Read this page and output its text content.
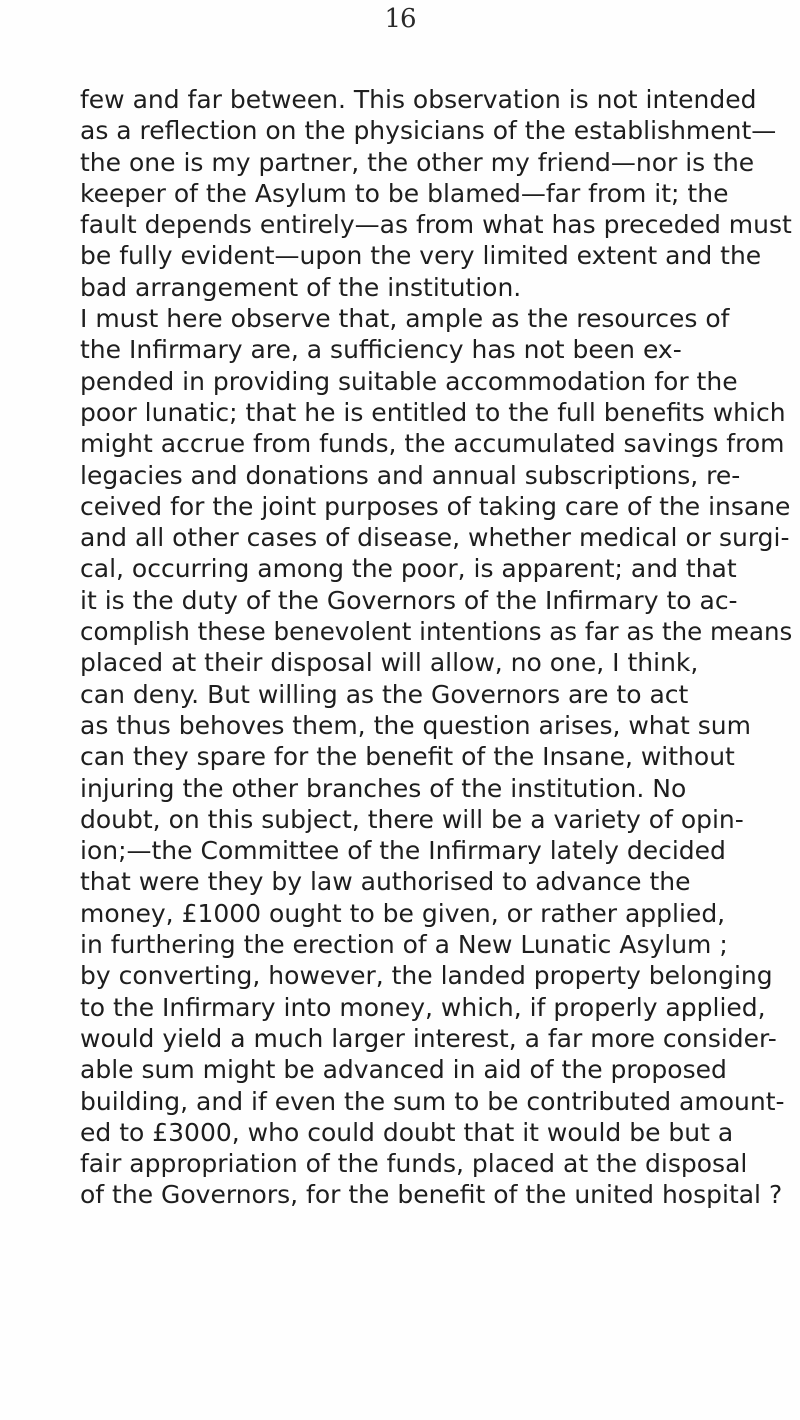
16
few and far between. This observation is not intended
as a reflection on the physicians of the establishment—
the one is my partner, the other my friend—nor is the
keeper of the Asylum to be blamed—far from it; the
fault depends entirely—as from what has preceded must
be fully evident—upon the very limited extent and the
bad arrangement of the institution.
I must here observe that, ample as the resources of
the Infirmary are, a sufficiency has not been ex-
pended in providing suitable accommodation for the
poor lunatic; that he is entitled to the full benefits which
might accrue from funds, the accumulated savings from
legacies and donations and annual subscriptions, re-
ceived for the joint purposes of taking care of the insane
and all other cases of disease, whether medical or surgi-
cal, occurring among the poor, is apparent; and that
it is the duty of the Governors of the Infirmary to ac-
complish these benevolent intentions as far as the means
placed at their disposal will allow, no one, I think,
can deny. But willing as the Governors are to act
as thus behoves them, the question arises, what sum
can they spare for the benefit of the Insane, without
injuring the other branches of the institution. No
doubt, on this subject, there will be a variety of opin-
ion;—the Committee of the Infirmary lately decided
that were they by law authorised to advance the
money, £1000 ought to be given, or rather applied,
in furthering the erection of a New Lunatic Asylum ;
by converting, however, the landed property belonging
to the Infirmary into money, which, if properly applied,
would yield a much larger interest, a far more consider-
able sum might be advanced in aid of the proposed
building, and if even the sum to be contributed amount-
ed to £3000, who could doubt that it would be but a
fair appropriation of the funds, placed at the disposal
of the Governors, for the benefit of the united hospital ?
